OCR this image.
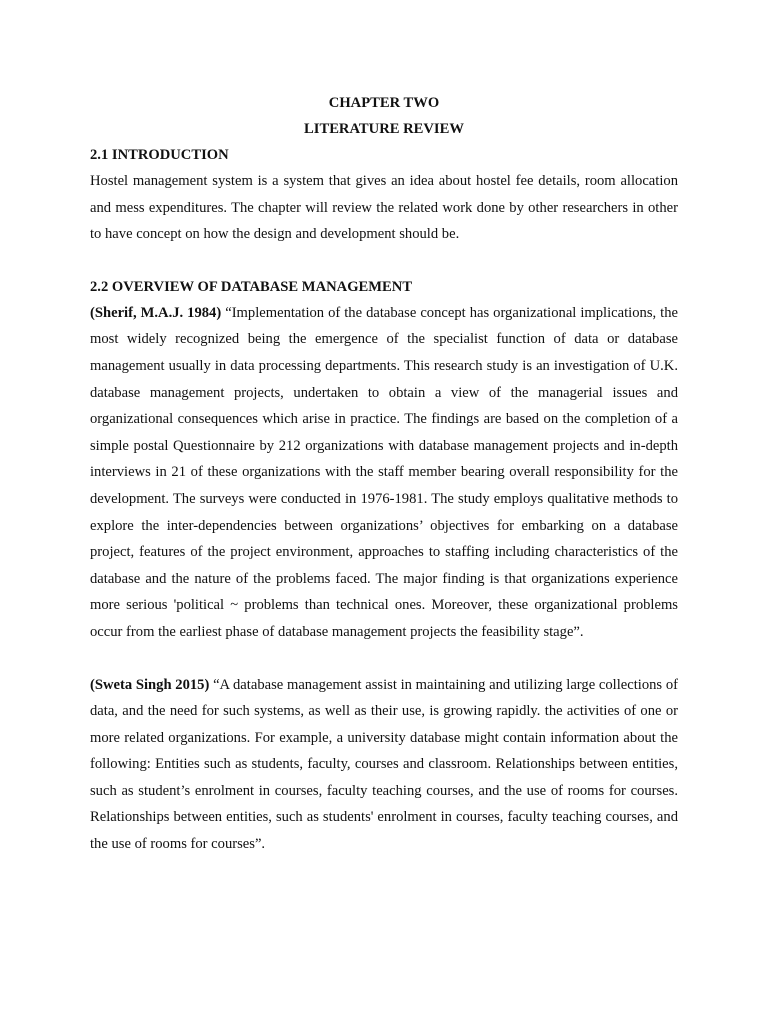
CHAPTER TWO
LITERATURE REVIEW
2.1 INTRODUCTION

Hostel management system is a system that gives an idea about hostel fee details, room allocation and mess expenditures. The chapter will review the related work done by other researchers in other to have concept on how the design and development should be.

2.2 OVERVIEW OF DATABASE MANAGEMENT

(Sherif, M.A.J. 1984) “Implementation of the database concept has organizational implications, the most widely recognized being the emergence of the specialist function of data or database management usually in data processing departments. This research study is an investigation of U.K. database management projects, undertaken to obtain a view of the managerial issues and organizational consequences which arise in practice. The findings are based on the completion of a simple postal Questionnaire by 212 organizations with database management projects and in-depth interviews in 21 of these organizations with the staff member bearing overall responsibility for the development. The surveys were conducted in 1976-1981. The study employs qualitative methods to explore the inter-dependencies between organizations’ objectives for embarking on a database project, features of the project environment, approaches to staffing including characteristics of the database and the nature of the problems faced. The major finding is that organizations experience more serious 'political ~ problems than technical ones. Moreover, these organizational problems occur from the earliest phase of database management projects the feasibility stage”.

(Sweta Singh 2015) “A database management assist in maintaining and utilizing large collections of data, and the need for such systems, as well as their use, is growing rapidly. the activities of one or more related organizations. For example, a university database might contain information about the following: Entities such as students, faculty, courses and classroom. Relationships between entities, such as student’s enrolment in courses, faculty teaching courses, and the use of rooms for courses. Relationships between entities, such as students' enrolment in courses, faculty teaching courses, and the use of rooms for courses”.
